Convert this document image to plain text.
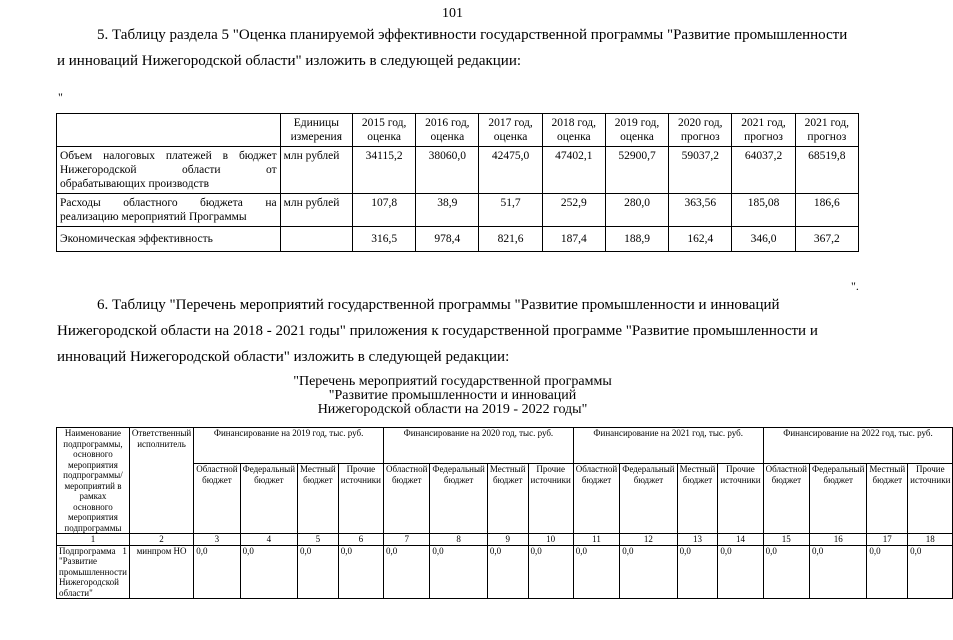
101
5. Таблицу раздела 5 "Оценка планируемой эффективности государственной программы "Развитие промышленности и инноваций Нижегородской области" изложить в следующей редакции:
"
	Единицы измерения	2015 год, оценка	2016 год, оценка	2017 год, оценка	2018 год, оценка	2019 год, оценка	2020 год, прогноз	2021 год, прогноз	2021 год, прогноз
Объем налоговых платежей в бюджет Нижегородской области от обрабатывающих производств	млн рублей	34115,2	38060,0	42475,0	47402,1	52900,7	59037,2	64037,2	68519,8
Расходы областного бюджета на реализацию мероприятий Программы	млн рублей	107,8	38,9	51,7	252,9	280,0	363,56	185,08	186,6
Экономическая эффективность		316,5	978,4	821,6	187,4	188,9	162,4	346,0	367,2
".
6. Таблицу "Перечень мероприятий государственной программы "Развитие промышленности и инноваций Нижегородской области на 2018 - 2021 годы" приложения к государственной программе "Развитие промышленности и инноваций Нижегородской области" изложить в следующей редакции:
"Перечень мероприятий государственной программы
"Развитие промышленности и инноваций
Нижегородской области на 2019 - 2022 годы"
Наименование подпрограммы, основного мероприятия подпрограммы/мероприятий в рамках основного мероприятия подпрограммы	Ответственный исполнитель	Финансирование на 2019 год, тыс. руб.				Финансирование на 2020 год, тыс. руб.				Финансирование на 2021 год, тыс. руб.				Финансирование на 2022 год, тыс. руб.			
		Областной бюджет	Федеральный бюджет	Местный бюджет	Прочие источники	Областной бюджет	Федеральный бюджет	Местный бюджет	Прочие источники	Областной бюджет	Федеральный бюджет	Местный бюджет	Прочие источники	Областной бюджет	Федеральный бюджет	Местный бюджет	Прочие источники
1	2	3	4	5	6	7	8	9	10	11	12	13	14	15	16	17	18
Подпрограмма 1 "Развитие промышленности Нижегородской области"	минпром НО	0,0	0,0	0,0	0,0	0,0	0,0	0,0	0,0	0,0	0,0	0,0	0,0	0,0	0,0	0,0	0,0
